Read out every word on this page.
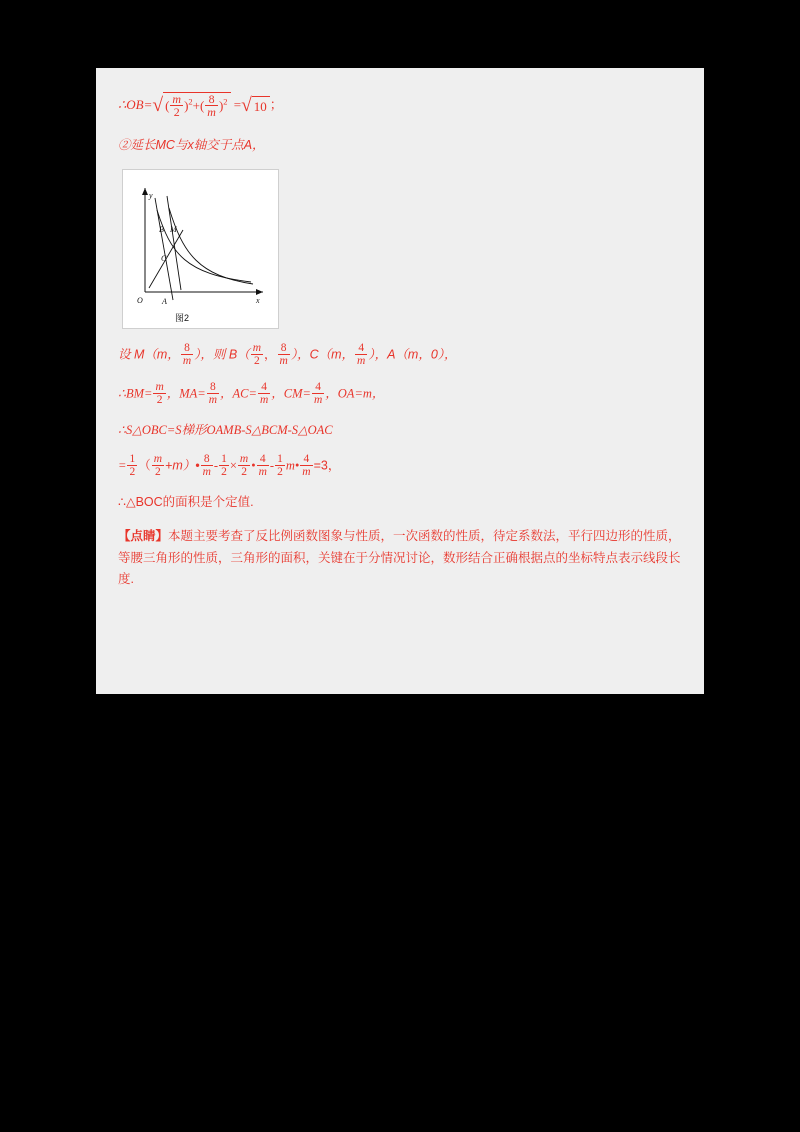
∴OB=√ ( $\frac{m}{2} )^2+( \frac{8}{m} )^2$ =√ 10 ；
②延长MC与x轴交于点A，
y
x
O
B M
C
A
图2
设 M（m， $\frac{8}{m}$ ），则 $B( \frac{m}{2}$ ， $\frac{8}{m}$ ），C（m， $\frac{4}{m}$ ），A（m，0），
∴BM= $\frac{m}{2}$ ，$MA= \frac{8}{m}$ ，$AC= \frac{4}{m}$ ，$CM= \frac{4}{m}$ ，OA=m，
∴S△OBC=S梯形OAMB-S△BCM-S△OAC
= $\frac{1}{2}$ （ $\frac{m}{2}$ +m）• $\frac{8}{m} - \frac{1}{2} \times \frac{m}{2}$ • $\frac{4}{m} - \frac{1}{2}$ m• $\frac{4}{m} =3$，
∴△BOC的面积是个定值.
【点睛】本题主要考查了反比例函数图象与性质，一次函数的性质，待定系数法，平行四边形的性质，等腰三角形的性质，三角形的面积，关键在于分情况讨论，数形结合正确根据点的坐标特点表示线段长度.
